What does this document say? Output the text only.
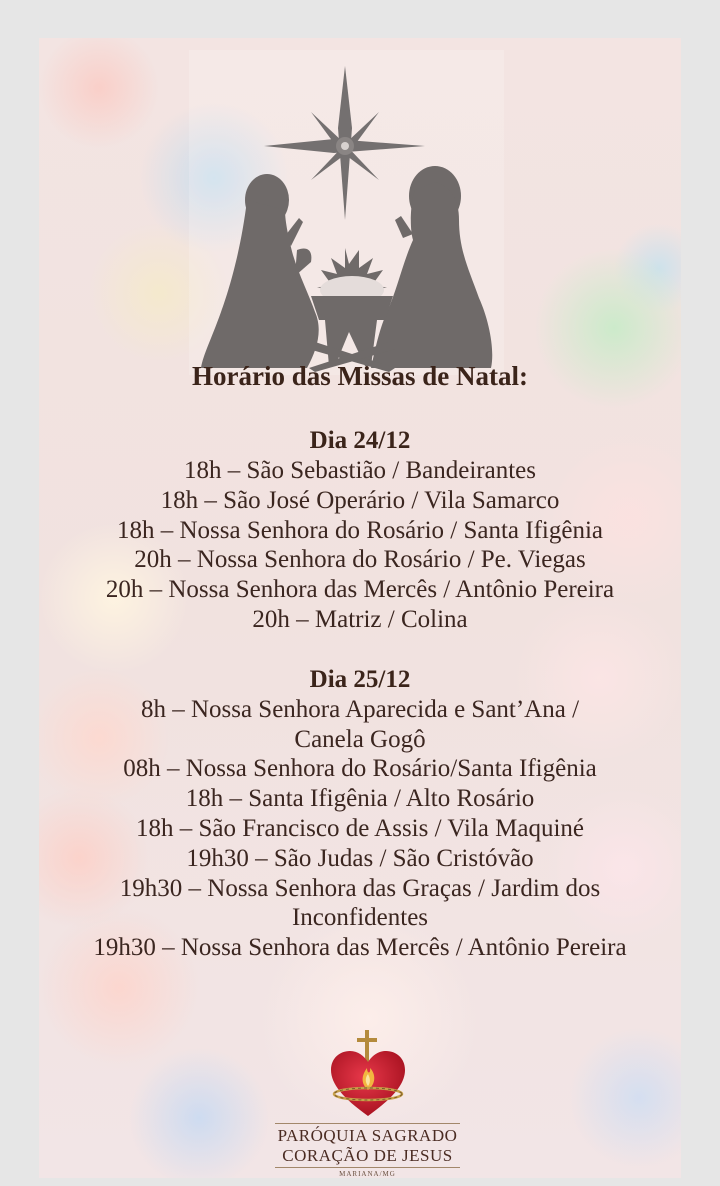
Horário das Missas de Natal:
Dia 24/12
18h – São Sebastião / Bandeirantes
18h – São José Operário / Vila Samarco
18h – Nossa Senhora do Rosário / Santa Ifigênia
20h – Nossa Senhora do Rosário / Pe. Viegas
20h – Nossa Senhora das Mercês / Antônio Pereira
20h – Matriz / Colina
Dia 25/12
8h – Nossa Senhora Aparecida e Sant’Ana / Canela Gogô
08h – Nossa Senhora do Rosário/Santa Ifigênia
18h – Santa Ifigênia / Alto Rosário
18h – São Francisco de Assis / Vila Maquiné
19h30 – São Judas / São Cristóvão
19h30 – Nossa Senhora das Graças / Jardim dos Inconfidentes
19h30 – Nossa Senhora das Mercês / Antônio Pereira
PARÓQUIA SAGRADO
CORAÇÃO DE JESUS
MARIANA/MG
